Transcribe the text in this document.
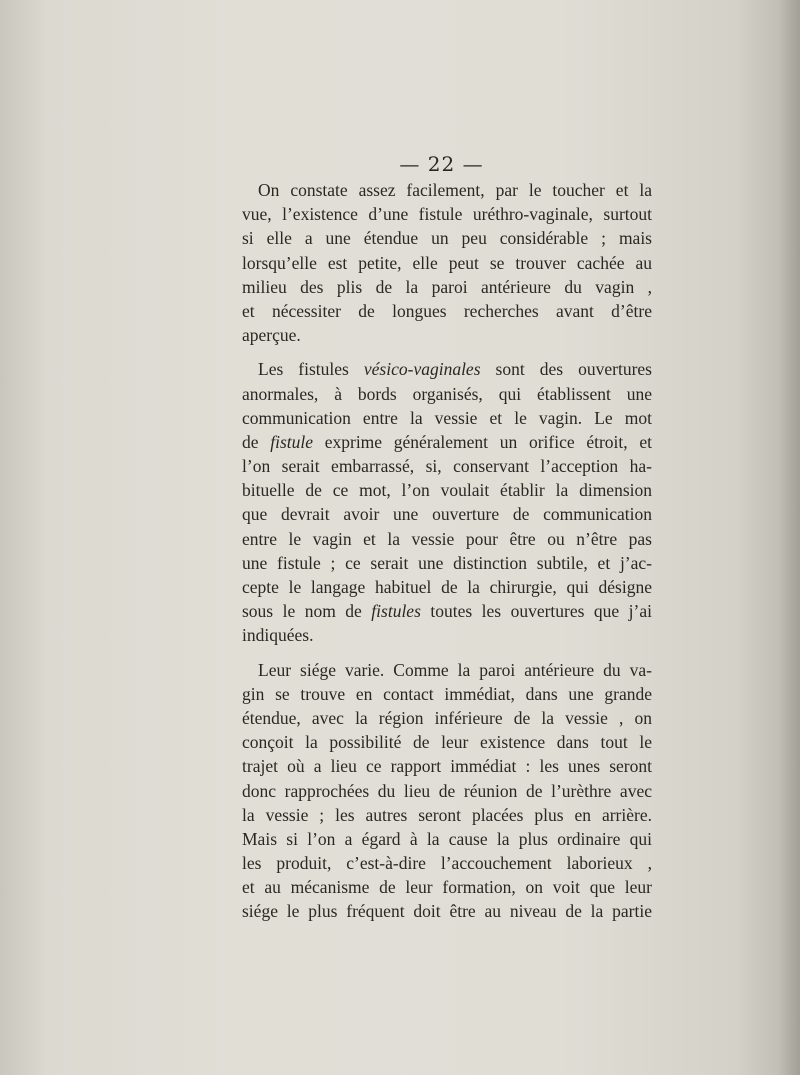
— 22 —
On constate assez facilement, par le toucher et la
vue, l’existence d’une fistule uréthro-vaginale, surtout
si elle a une étendue un peu considérable ; mais
lorsqu’elle est petite, elle peut se trouver cachée au
milieu des plis de la paroi antérieure du vagin ,
et nécessiter de longues recherches avant d’être
aperçue.
Les fistules vésico-vaginales sont des ouvertures
anormales, à bords organisés, qui établissent une
communication entre la vessie et le vagin. Le mot
de fistule exprime généralement un orifice étroit, et
l’on serait embarrassé, si, conservant l’acception ha-
bituelle de ce mot, l’on voulait établir la dimension
que devrait avoir une ouverture de communication
entre le vagin et la vessie pour être ou n’être pas
une fistule ; ce serait une distinction subtile, et j’ac-
cepte le langage habituel de la chirurgie, qui désigne
sous le nom de fistules toutes les ouvertures que j’ai
indiquées.
Leur siége varie. Comme la paroi antérieure du va-
gin se trouve en contact immédiat, dans une grande
étendue, avec la région inférieure de la vessie , on
conçoit la possibilité de leur existence dans tout le
trajet où a lieu ce rapport immédiat : les unes seront
donc rapprochées du lieu de réunion de l’urèthre avec
la vessie ; les autres seront placées plus en arrière.
Mais si l’on a égard à la cause la plus ordinaire qui
les produit, c’est-à-dire l’accouchement laborieux ,
et au mécanisme de leur formation, on voit que leur
siége le plus fréquent doit être au niveau de la partie
